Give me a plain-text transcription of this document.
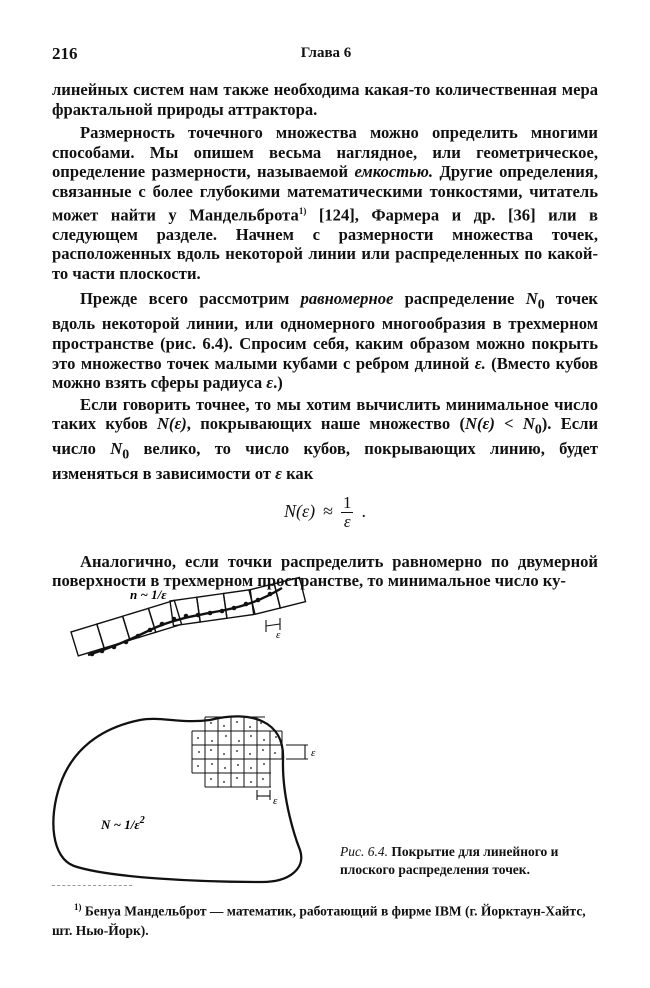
216	Глава 6

линейных систем нам также необходима какая-то количественная мера фрактальной природы аттрактора.

Размерность точечного множества можно определить многими способами. Мы опишем весьма наглядное, или геометрическое, определение размерности, называемой емкостью. Другие определения, связанные с более глубокими математическими тонкостями, читатель может найти у Мандельброта$^{1)}$ [124], Фармера и др. [36] или в следующем разделе. Начнем с размерности множества точек, расположенных вдоль некоторой линии или распределенных по какой-то части плоскости.

Прежде всего рассмотрим равномерное распределение $N_0$ точек вдоль некоторой линии, или одномерного многообразия в трехмерном пространстве (рис. 6.4). Спросим себя, каким образом можно покрыть это множество точек малыми кубами с ребром длиной ε. (Вместо кубов можно взять сферы радиуса ε.)

Если говорить точнее, то мы хотим вычислить минимальное число таких кубов N(ε), покрывающих наше множество $(N(\varepsilon) < N_0)$. Если число $N_0$ велико, то число кубов, покрывающих линию, будет изменяться в зависимости от ε как

$N(\varepsilon) \approx \frac{1}{\varepsilon}$ .

Аналогично, если точки распределить равномерно по двумерной поверхности в трехмерном пространстве, то минимальное число ку-

ε
n ~ 1/ε
ε
ε
N ~ $1/\varepsilon^2$
Рис. 6.4. Покрытие для линейного и плоского распределения точек.
$^{1)}$ Бенуа Мандельброт — математик, работающий в фирме IBM (г. Йорктаун-Хайтс, шт. Нью-Йорк).
